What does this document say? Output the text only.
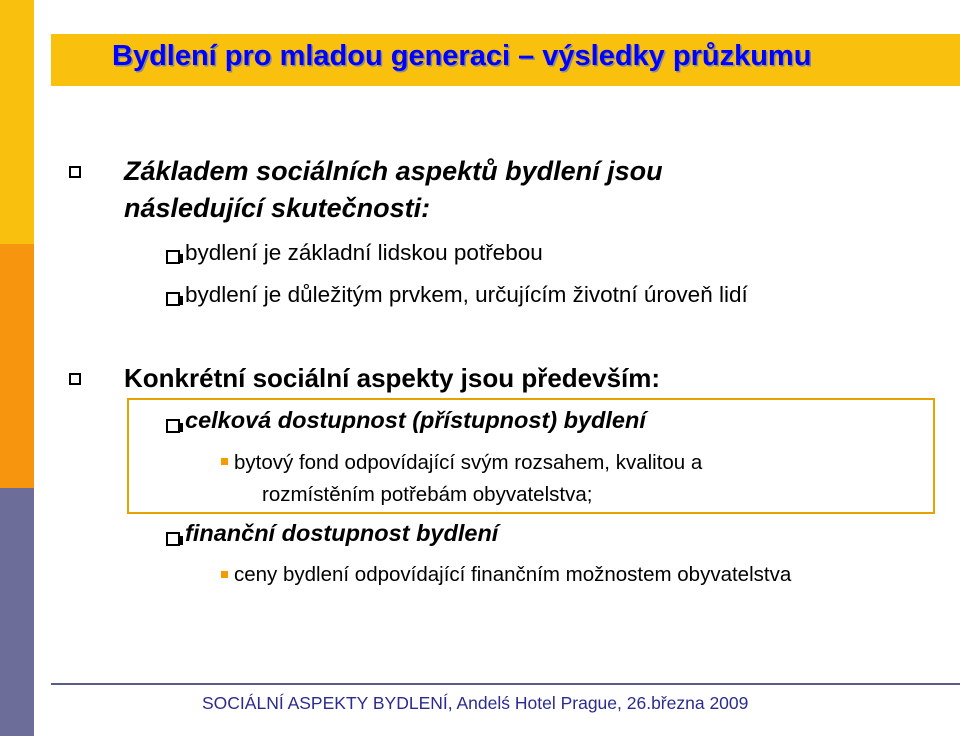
Bydlení pro mladou generaci – výsledky průzkumu
Základem sociálních aspektů bydlení jsou
následující skutečnosti:
bydlení je základní lidskou potřebou
bydlení je důležitým prvkem, určujícím životní úroveň lidí
Konkrétní sociální aspekty jsou především:
celková dostupnost (přístupnost) bydlení
bytový fond odpovídající svým rozsahem, kvalitou a
rozmístěním potřebám obyvatelstva;
finanční dostupnost bydlení
ceny bydlení odpovídající finančním možnostem obyvatelstva
SOCIÁLNÍ ASPEKTY BYDLENÍ, Andelś Hotel Prague, 26.března 2009
